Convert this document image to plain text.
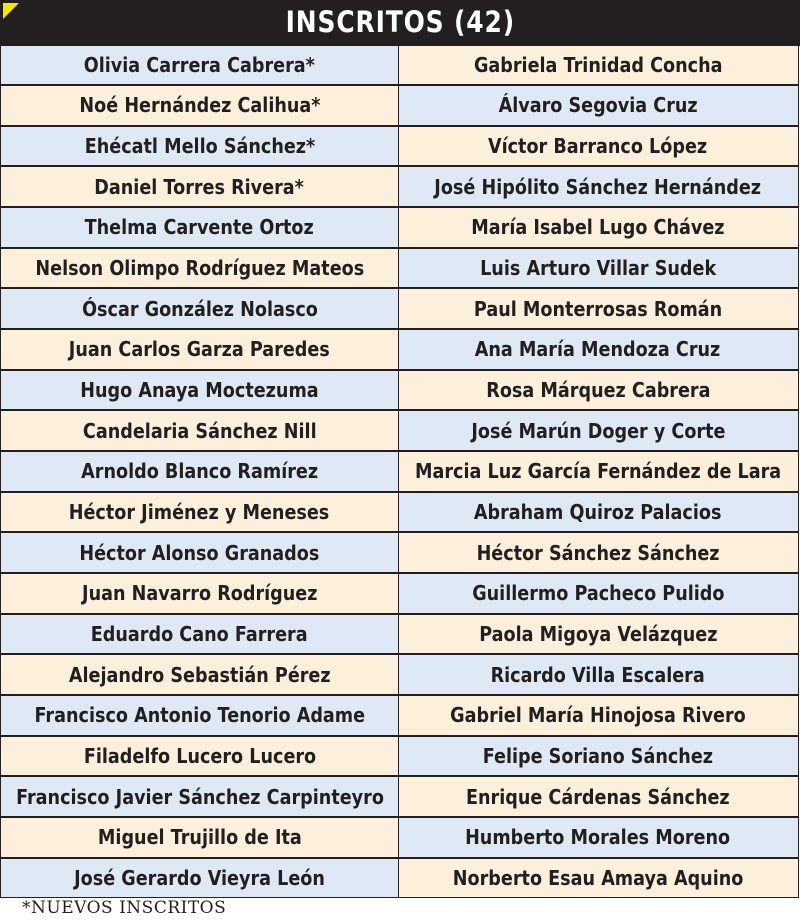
INSCRITOS (42)
Olivia Carrera Cabrera*	Gabriela Trinidad Concha
Noé Hernández Calihua*	Álvaro Segovia Cruz
Ehécatl Mello Sánchez*	Víctor Barranco López
Daniel Torres Rivera*	José Hipólito Sánchez Hernández
Thelma Carvente Ortoz	María Isabel Lugo Chávez
Nelson Olimpo Rodríguez Mateos	Luis Arturo Villar Sudek
Óscar González Nolasco	Paul Monterrosas Román
Juan Carlos Garza Paredes	Ana María Mendoza Cruz
Hugo Anaya Moctezuma	Rosa Márquez Cabrera
Candelaria Sánchez Nill	José Marún Doger y Corte
Arnoldo Blanco Ramírez	Marcia Luz García Fernández de Lara
Héctor Jiménez y Meneses	Abraham Quiroz Palacios
Héctor Alonso Granados	Héctor Sánchez Sánchez
Juan Navarro Rodríguez	Guillermo Pacheco Pulido
Eduardo Cano Farrera	Paola Migoya Velázquez
Alejandro Sebastián Pérez	Ricardo Villa Escalera
Francisco Antonio Tenorio Adame	Gabriel María Hinojosa Rivero
Filadelfo Lucero Lucero	Felipe Soriano Sánchez
Francisco Javier Sánchez Carpinteyro	Enrique Cárdenas Sánchez
Miguel Trujillo de Ita	Humberto Morales Moreno
José Gerardo Vieyra León	Norberto Esau Amaya Aquino
*NUEVOS INSCRITOS
